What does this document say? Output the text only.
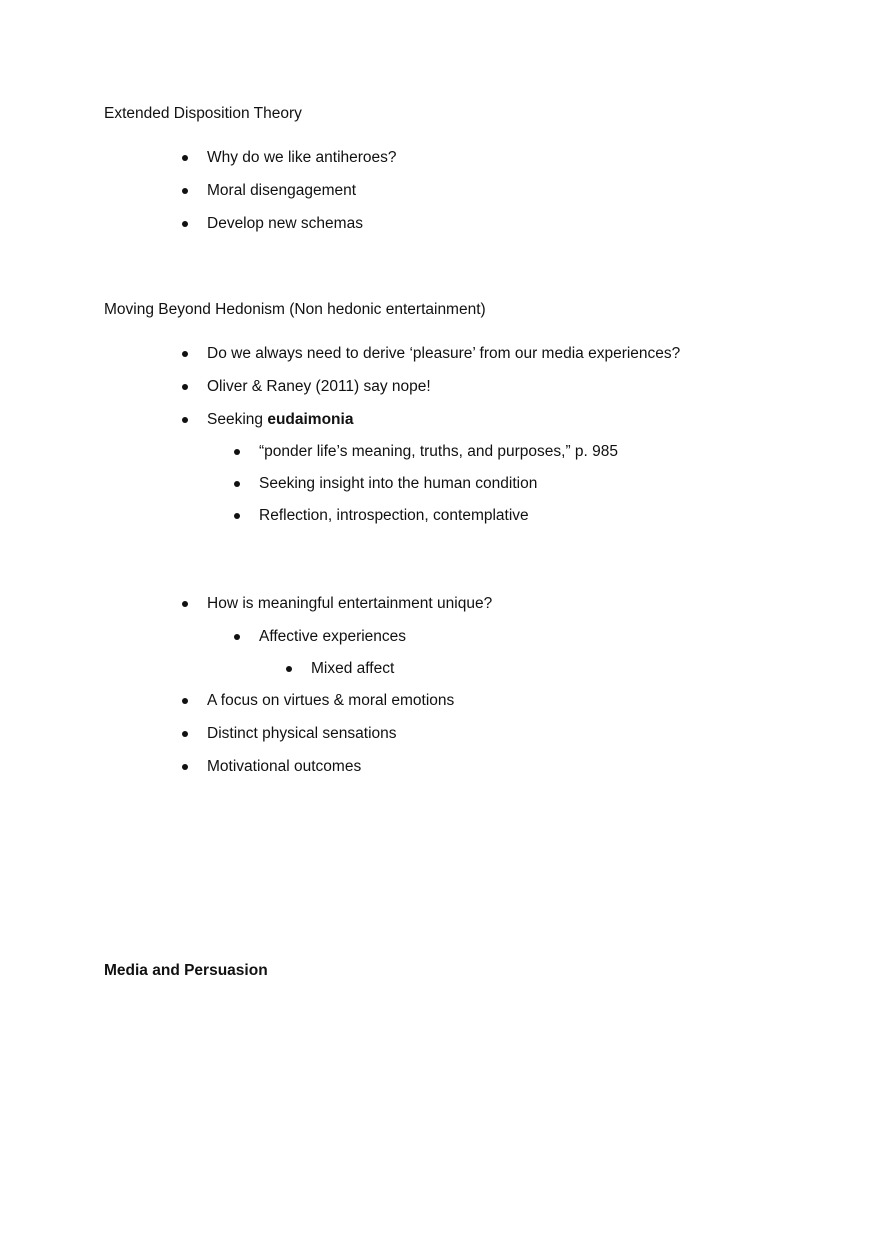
Extended Disposition Theory
Why do we like antiheroes?
Moral disengagement
Develop new schemas
Moving Beyond Hedonism (Non hedonic entertainment)
Do we always need to derive ‘pleasure’ from our media experiences?
Oliver & Raney (2011) say nope!
Seeking eudaimonia
“ponder life’s meaning, truths, and purposes,” p. 985
Seeking insight into the human condition
Reflection, introspection, contemplative
How is meaningful entertainment unique?
Affective experiences
Mixed affect
A focus on virtues & moral emotions
Distinct physical sensations
Motivational outcomes
Media and Persuasion
